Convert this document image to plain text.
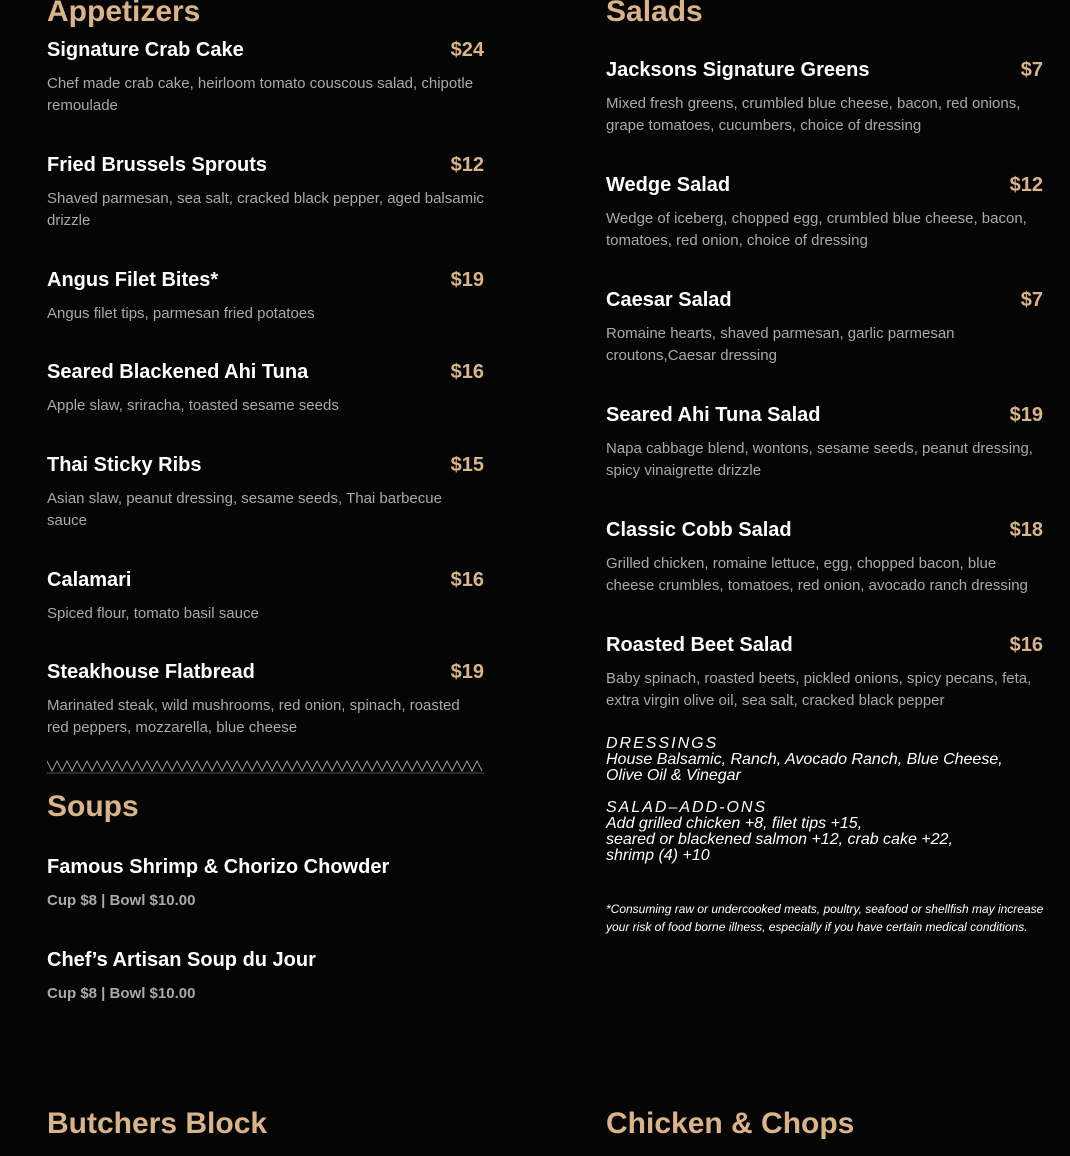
Appetizers
Signature Crab Cake	$24
Chef made crab cake, heirloom tomato couscous salad, chipotle remoulade
Fried Brussels Sprouts	$12
Shaved parmesan, sea salt, cracked black pepper, aged balsamic drizzle
Angus Filet Bites*	$19
Angus filet tips, parmesan fried potatoes
Seared Blackened Ahi Tuna	$16
Apple slaw, sriracha, toasted sesame seeds
Thai Sticky Ribs	$15
Asian slaw, peanut dressing, sesame seeds, Thai barbecue sauce
Calamari	$16
Spiced flour, tomato basil sauce
Steakhouse Flatbread	$19
Marinated steak, wild mushrooms, red onion, spinach, roasted red peppers, mozzarella, blue cheese
Soups
Famous Shrimp & Chorizo Chowder
Cup $8 | Bowl $10.00
Chef’s Artisan Soup du Jour
Cup $8 | Bowl $10.00
Butchers Block
Salads
Jacksons Signature Greens	$7
Mixed fresh greens, crumbled blue cheese, bacon, red onions, grape tomatoes, cucumbers, choice of dressing
Wedge Salad	$12
Wedge of iceberg, chopped egg, crumbled blue cheese, bacon, tomatoes, red onion, choice of dressing
Caesar Salad	$7
Romaine hearts, shaved parmesan, garlic parmesan croutons,Caesar dressing
Seared Ahi Tuna Salad	$19
Napa cabbage blend, wontons, sesame seeds, peanut dressing, spicy vinaigrette drizzle
Classic Cobb Salad	$18
Grilled chicken, romaine lettuce, egg, chopped bacon, blue cheese crumbles, tomatoes, red onion, avocado ranch dressing
Roasted Beet Salad	$16
Baby spinach, roasted beets, pickled onions, spicy pecans, feta, extra virgin olive oil, sea salt, cracked black pepper
DRESSINGS
House Balsamic, Ranch, Avocado Ranch, Blue Cheese,
Olive Oil & Vinegar
SALAD–ADD-ONS
Add grilled chicken +8, filet tips +15,
seared or blackened salmon +12, crab cake +22,
shrimp (4) +10
*Consuming raw or undercooked meats, poultry, seafood or shellfish may increase your risk of food borne illness, especially if you have certain medical conditions.
Chicken & Chops
